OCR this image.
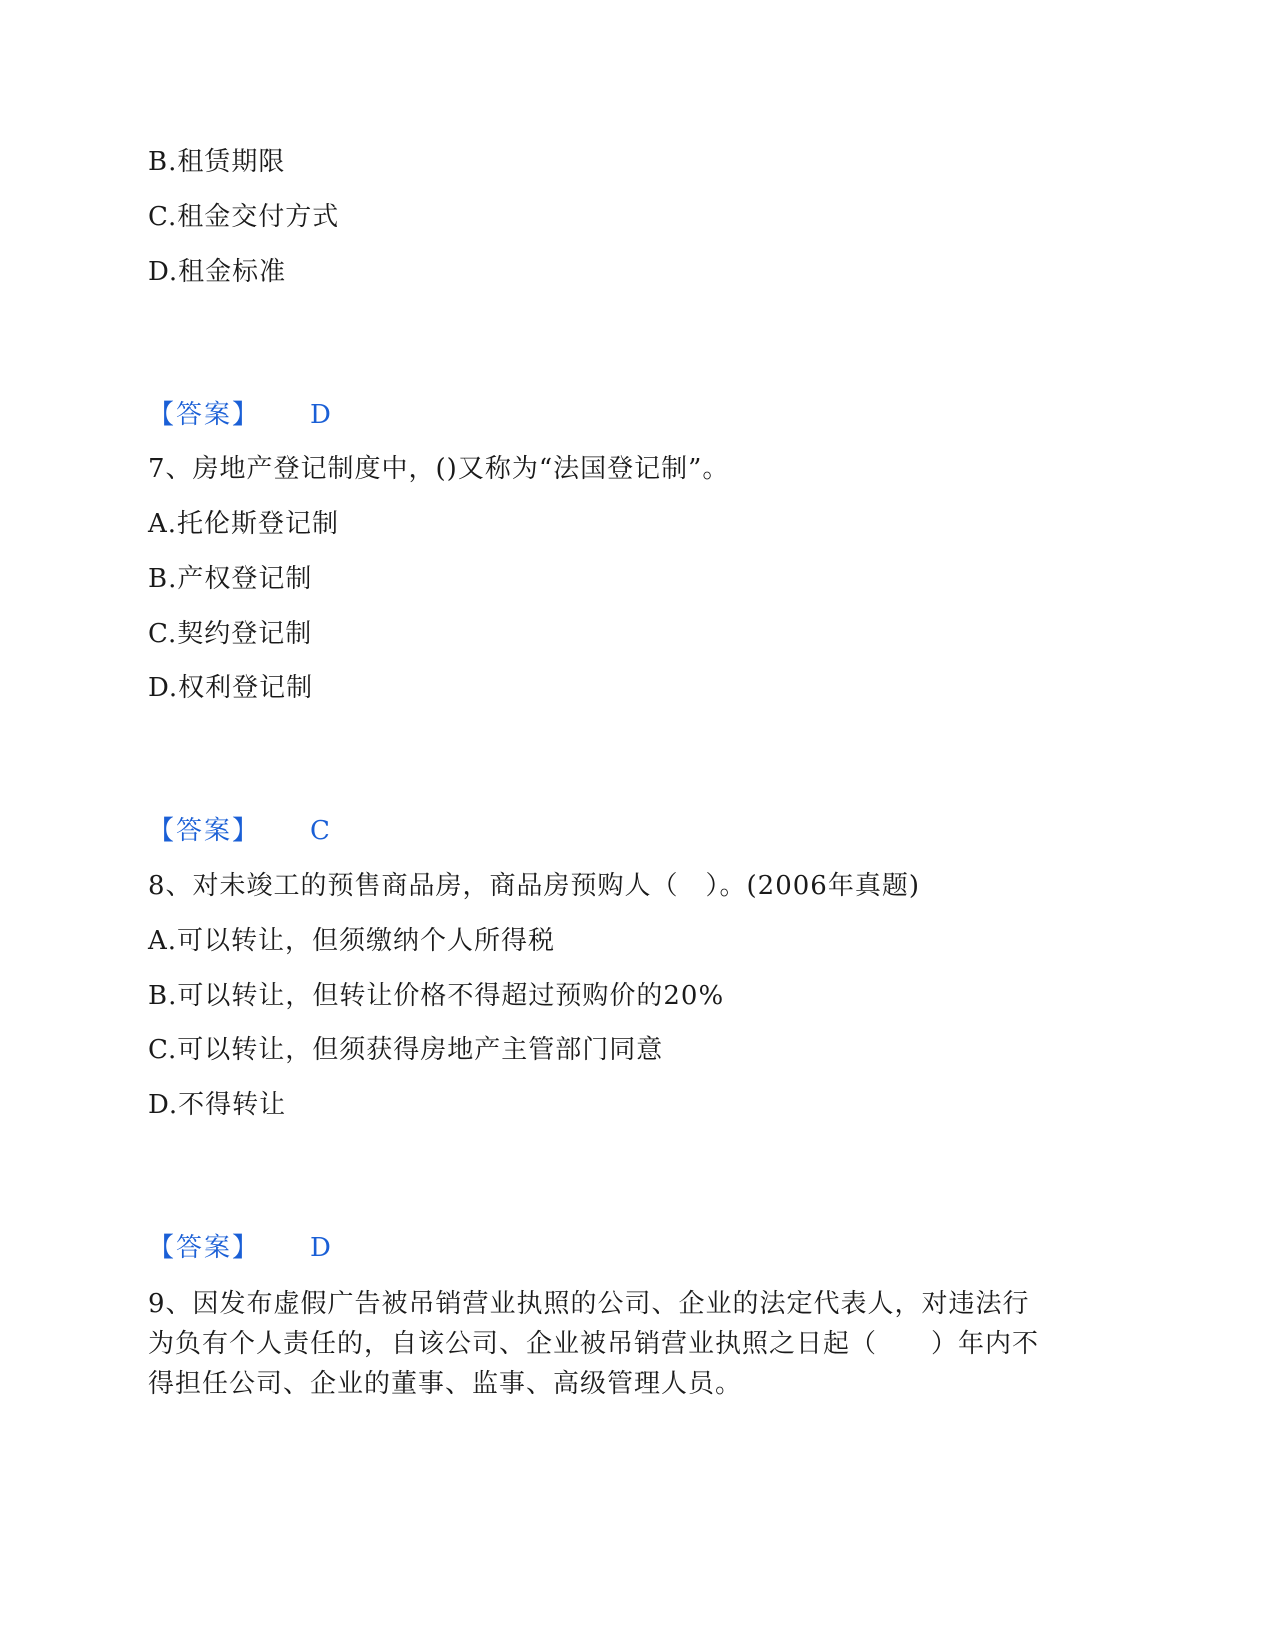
B.租赁期限
C.租金交付方式
D.租金标准
【答案】 D
7、房地产登记制度中，()又称为“法国登记制”。
A.托伦斯登记制
B.产权登记制
C.契约登记制
D.权利登记制
【答案】 C
8、对未竣工的预售商品房，商品房预购人（　）。(2006年真题)
A.可以转让，但须缴纳个人所得税
B.可以转让，但转让价格不得超过预购价的20%
C.可以转让，但须获得房地产主管部门同意
D.不得转让
【答案】 D
9、因发布虚假广告被吊销营业执照的公司、企业的法定代表人，对违法行
为负有个人责任的，自该公司、企业被吊销营业执照之日起（　　）年内不
得担任公司、企业的董事、监事、高级管理人员。
